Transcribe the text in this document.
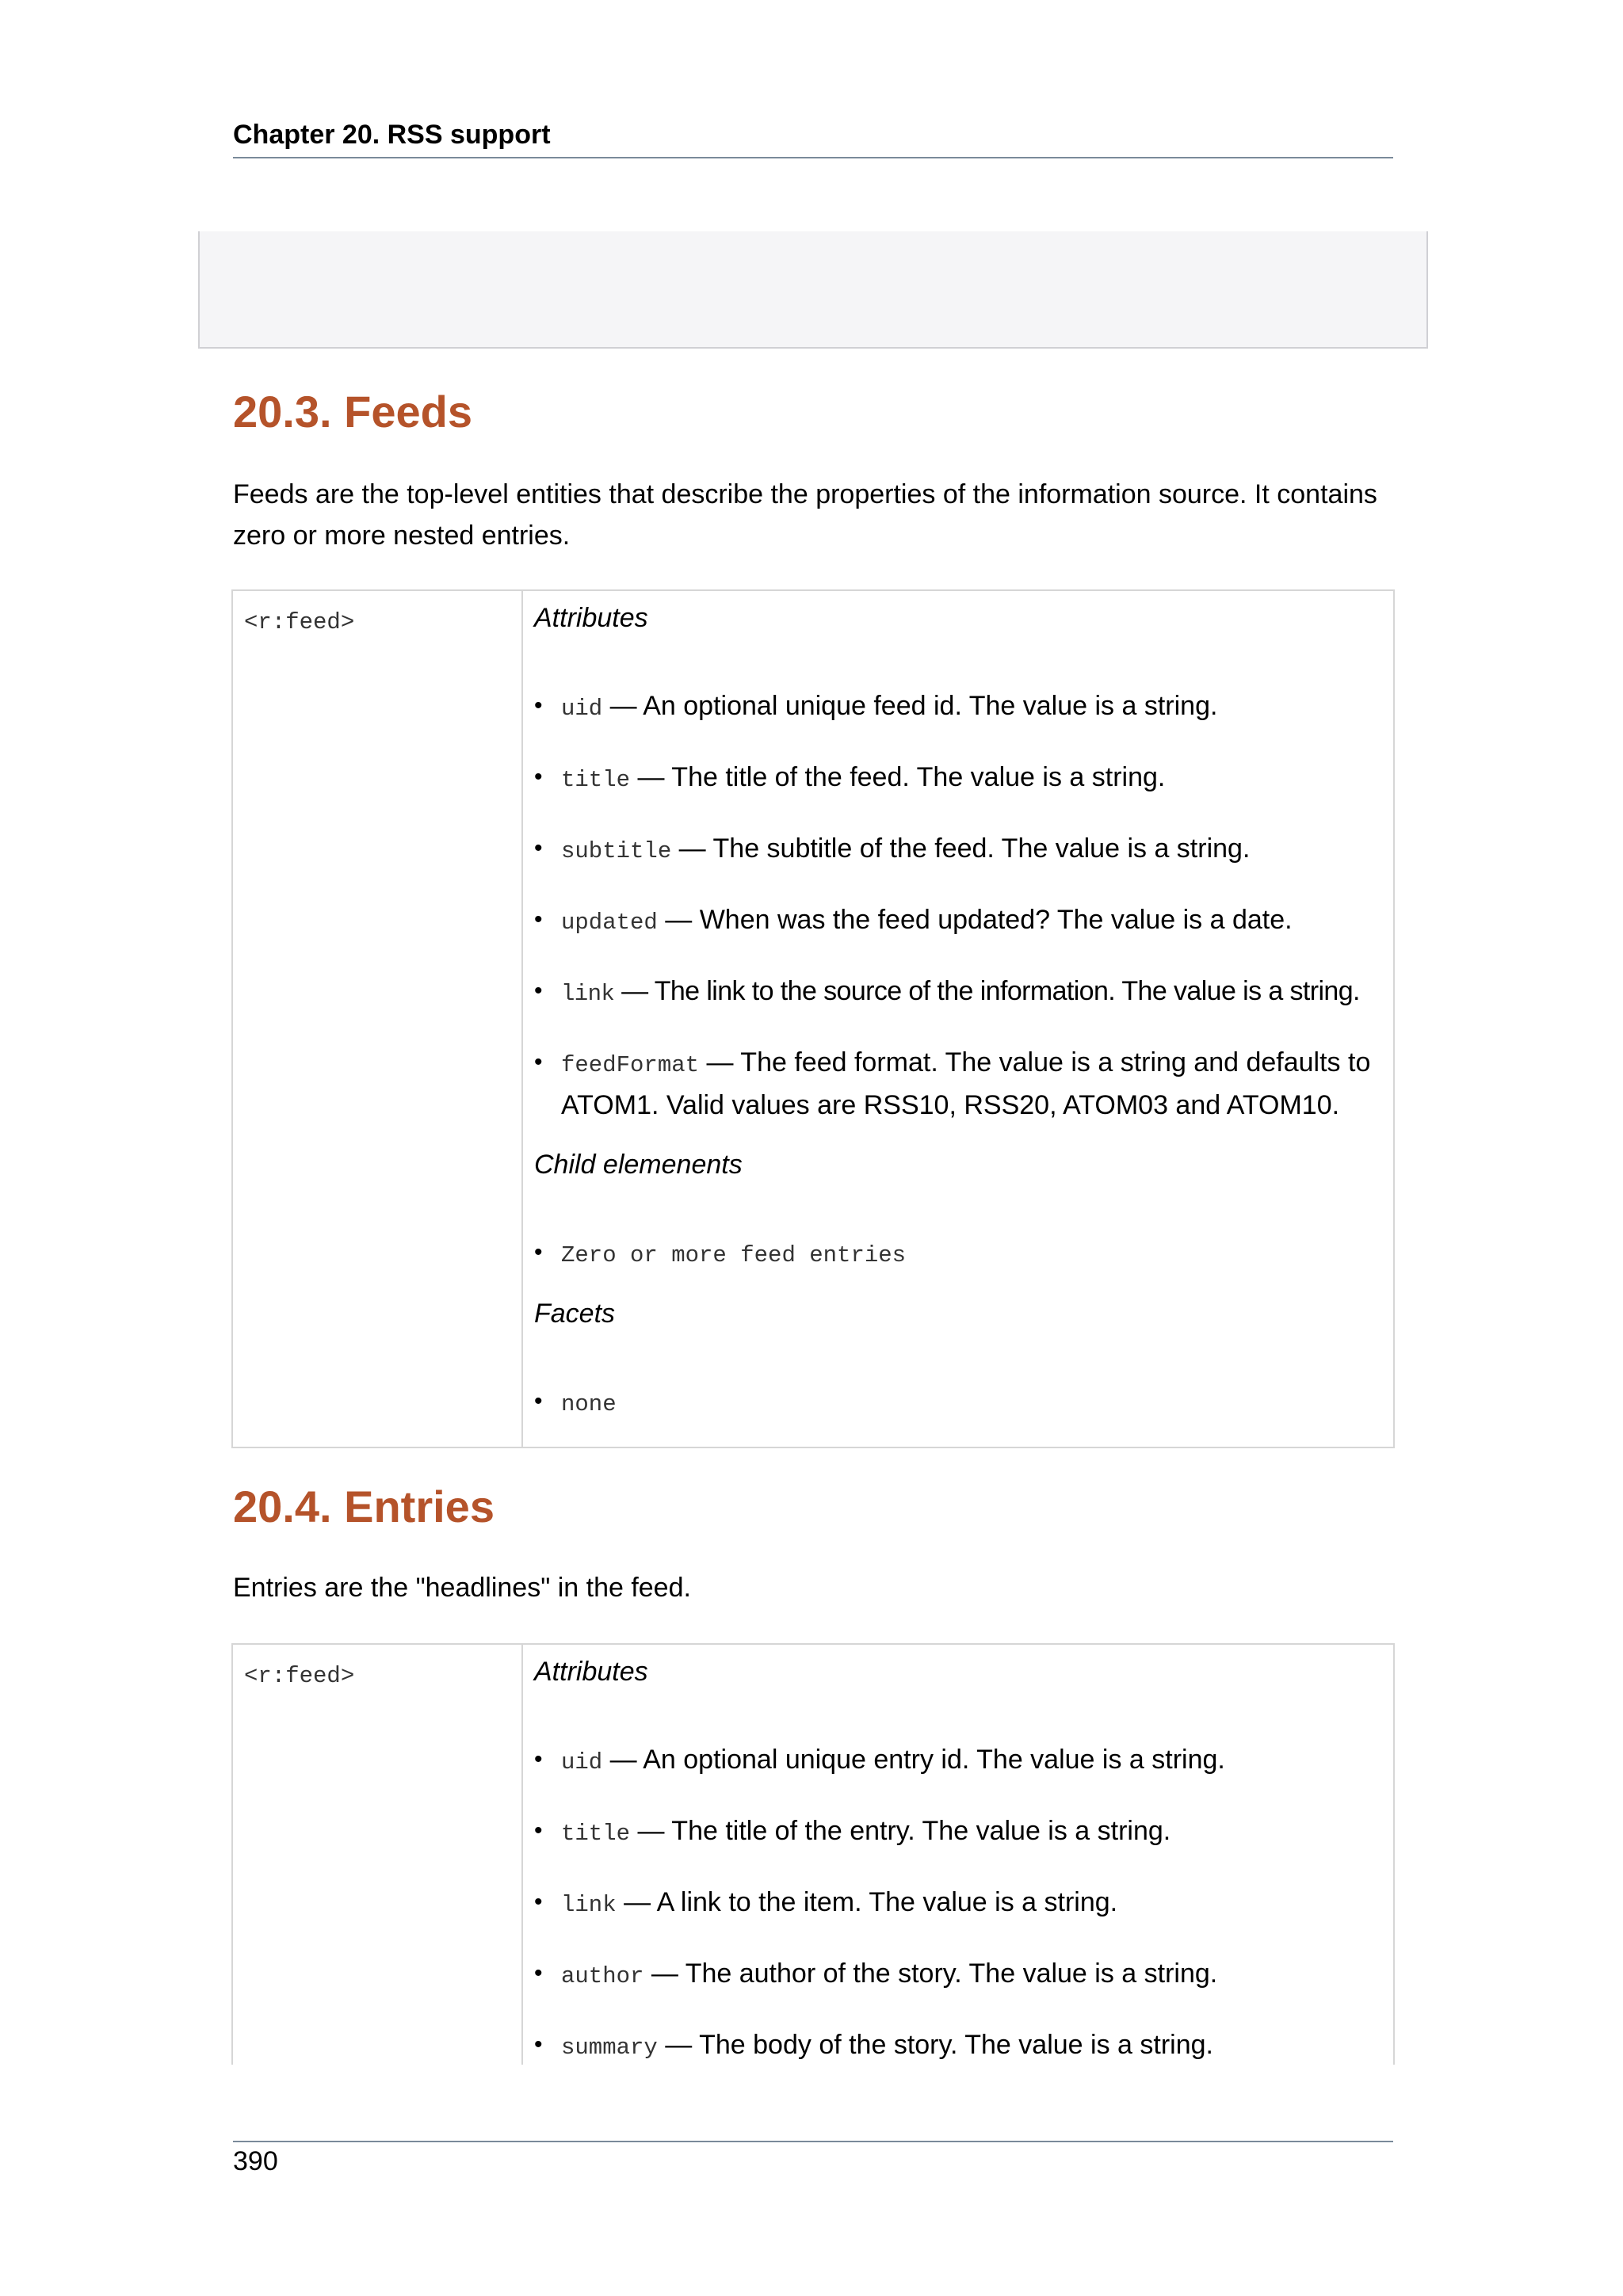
Chapter 20. RSS support
20.3. Feeds

Feeds are the top-level entities that describe the properties of the information source. It contains zero or more nested entries.

<r:feed>	Attributes

• uid — An optional unique feed id. The value is a string.
• title — The title of the feed. The value is a string.
• subtitle — The subtitle of the feed. The value is a string.
• updated — When was the feed updated? The value is a date.
• link — The link to the source of the information. The value is a string.
• feedFormat — The feed format. The value is a string and defaults to ATOM1. Valid values are RSS10, RSS20, ATOM03 and ATOM10.

Child elemenents

• Zero or more feed entries

Facets

• none
20.4. Entries

Entries are the "headlines" in the feed.

<r:feed>	Attributes

• uid — An optional unique entry id. The value is a string.
• title — The title of the entry. The value is a string.
• link — A link to the item. The value is a string.
• author — The author of the story. The value is a string.
• summary — The body of the story. The value is a string.
390
